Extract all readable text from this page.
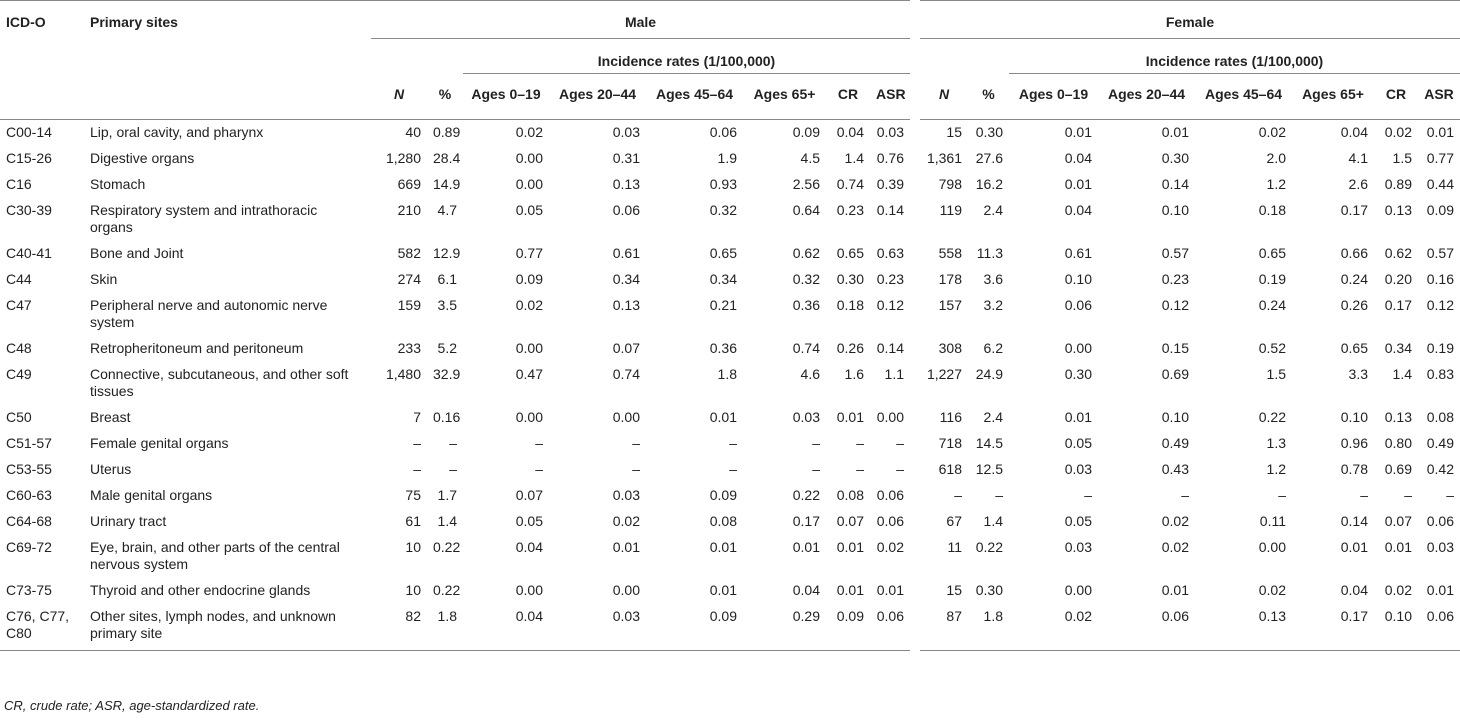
ICD-O	Primary sites	Male								Female							
				Incidence rates (1/100,000)								Incidence rates (1/100,000)					
		N	%	Ages 0–19	Ages 20–44	Ages 45–64	Ages 65+	CR	ASR	N	%	Ages 0–19	Ages 20–44	Ages 45–64	Ages 65+	CR	ASR
C00-14	Lip, oral cavity, and pharynx	40	0.89	0.02	0.03	0.06	0.09	0.04	0.03	15	0.30	0.01	0.01	0.02	0.04	0.02	0.01
C15-26	Digestive organs	1,280	28.4	0.00	0.31	1.9	4.5	1.4	0.76	1,361	27.6	0.04	0.30	2.0	4.1	1.5	0.77
C16	Stomach	669	14.9	0.00	0.13	0.93	2.56	0.74	0.39	798	16.2	0.01	0.14	1.2	2.6	0.89	0.44
C30-39	Respiratory system and intrathoracic organs	210	4.7	0.05	0.06	0.32	0.64	0.23	0.14	119	2.4	0.04	0.10	0.18	0.17	0.13	0.09
C40-41	Bone and Joint	582	12.9	0.77	0.61	0.65	0.62	0.65	0.63	558	11.3	0.61	0.57	0.65	0.66	0.62	0.57
C44	Skin	274	6.1	0.09	0.34	0.34	0.32	0.30	0.23	178	3.6	0.10	0.23	0.19	0.24	0.20	0.16
C47	Peripheral nerve and autonomic nerve system	159	3.5	0.02	0.13	0.21	0.36	0.18	0.12	157	3.2	0.06	0.12	0.24	0.26	0.17	0.12
C48	Retropheritoneum and peritoneum	233	5.2	0.00	0.07	0.36	0.74	0.26	0.14	308	6.2	0.00	0.15	0.52	0.65	0.34	0.19
C49	Connective, subcutaneous, and other soft tissues	1,480	32.9	0.47	0.74	1.8	4.6	1.6	1.1	1,227	24.9	0.30	0.69	1.5	3.3	1.4	0.83
C50	Breast	7	0.16	0.00	0.00	0.01	0.03	0.01	0.00	116	2.4	0.01	0.10	0.22	0.10	0.13	0.08
C51-57	Female genital organs	–	–	–	–	–	–	–	–	718	14.5	0.05	0.49	1.3	0.96	0.80	0.49
C53-55	Uterus	–	–	–	–	–	–	–	–	618	12.5	0.03	0.43	1.2	0.78	0.69	0.42
C60-63	Male genital organs	75	1.7	0.07	0.03	0.09	0.22	0.08	0.06	–	–	–	–	–	–	–	–
C64-68	Urinary tract	61	1.4	0.05	0.02	0.08	0.17	0.07	0.06	67	1.4	0.05	0.02	0.11	0.14	0.07	0.06
C69-72	Eye, brain, and other parts of the central nervous system	10	0.22	0.04	0.01	0.01	0.01	0.01	0.02	11	0.22	0.03	0.02	0.00	0.01	0.01	0.03
C73-75	Thyroid and other endocrine glands	10	0.22	0.00	0.00	0.01	0.04	0.01	0.01	15	0.30	0.00	0.01	0.02	0.04	0.02	0.01
C76, C77, C80	Other sites, lymph nodes, and unknown primary site	82	1.8	0.04	0.03	0.09	0.29	0.09	0.06	87	1.8	0.02	0.06	0.13	0.17	0.10	0.06
CR, crude rate; ASR, age-standardized rate.
